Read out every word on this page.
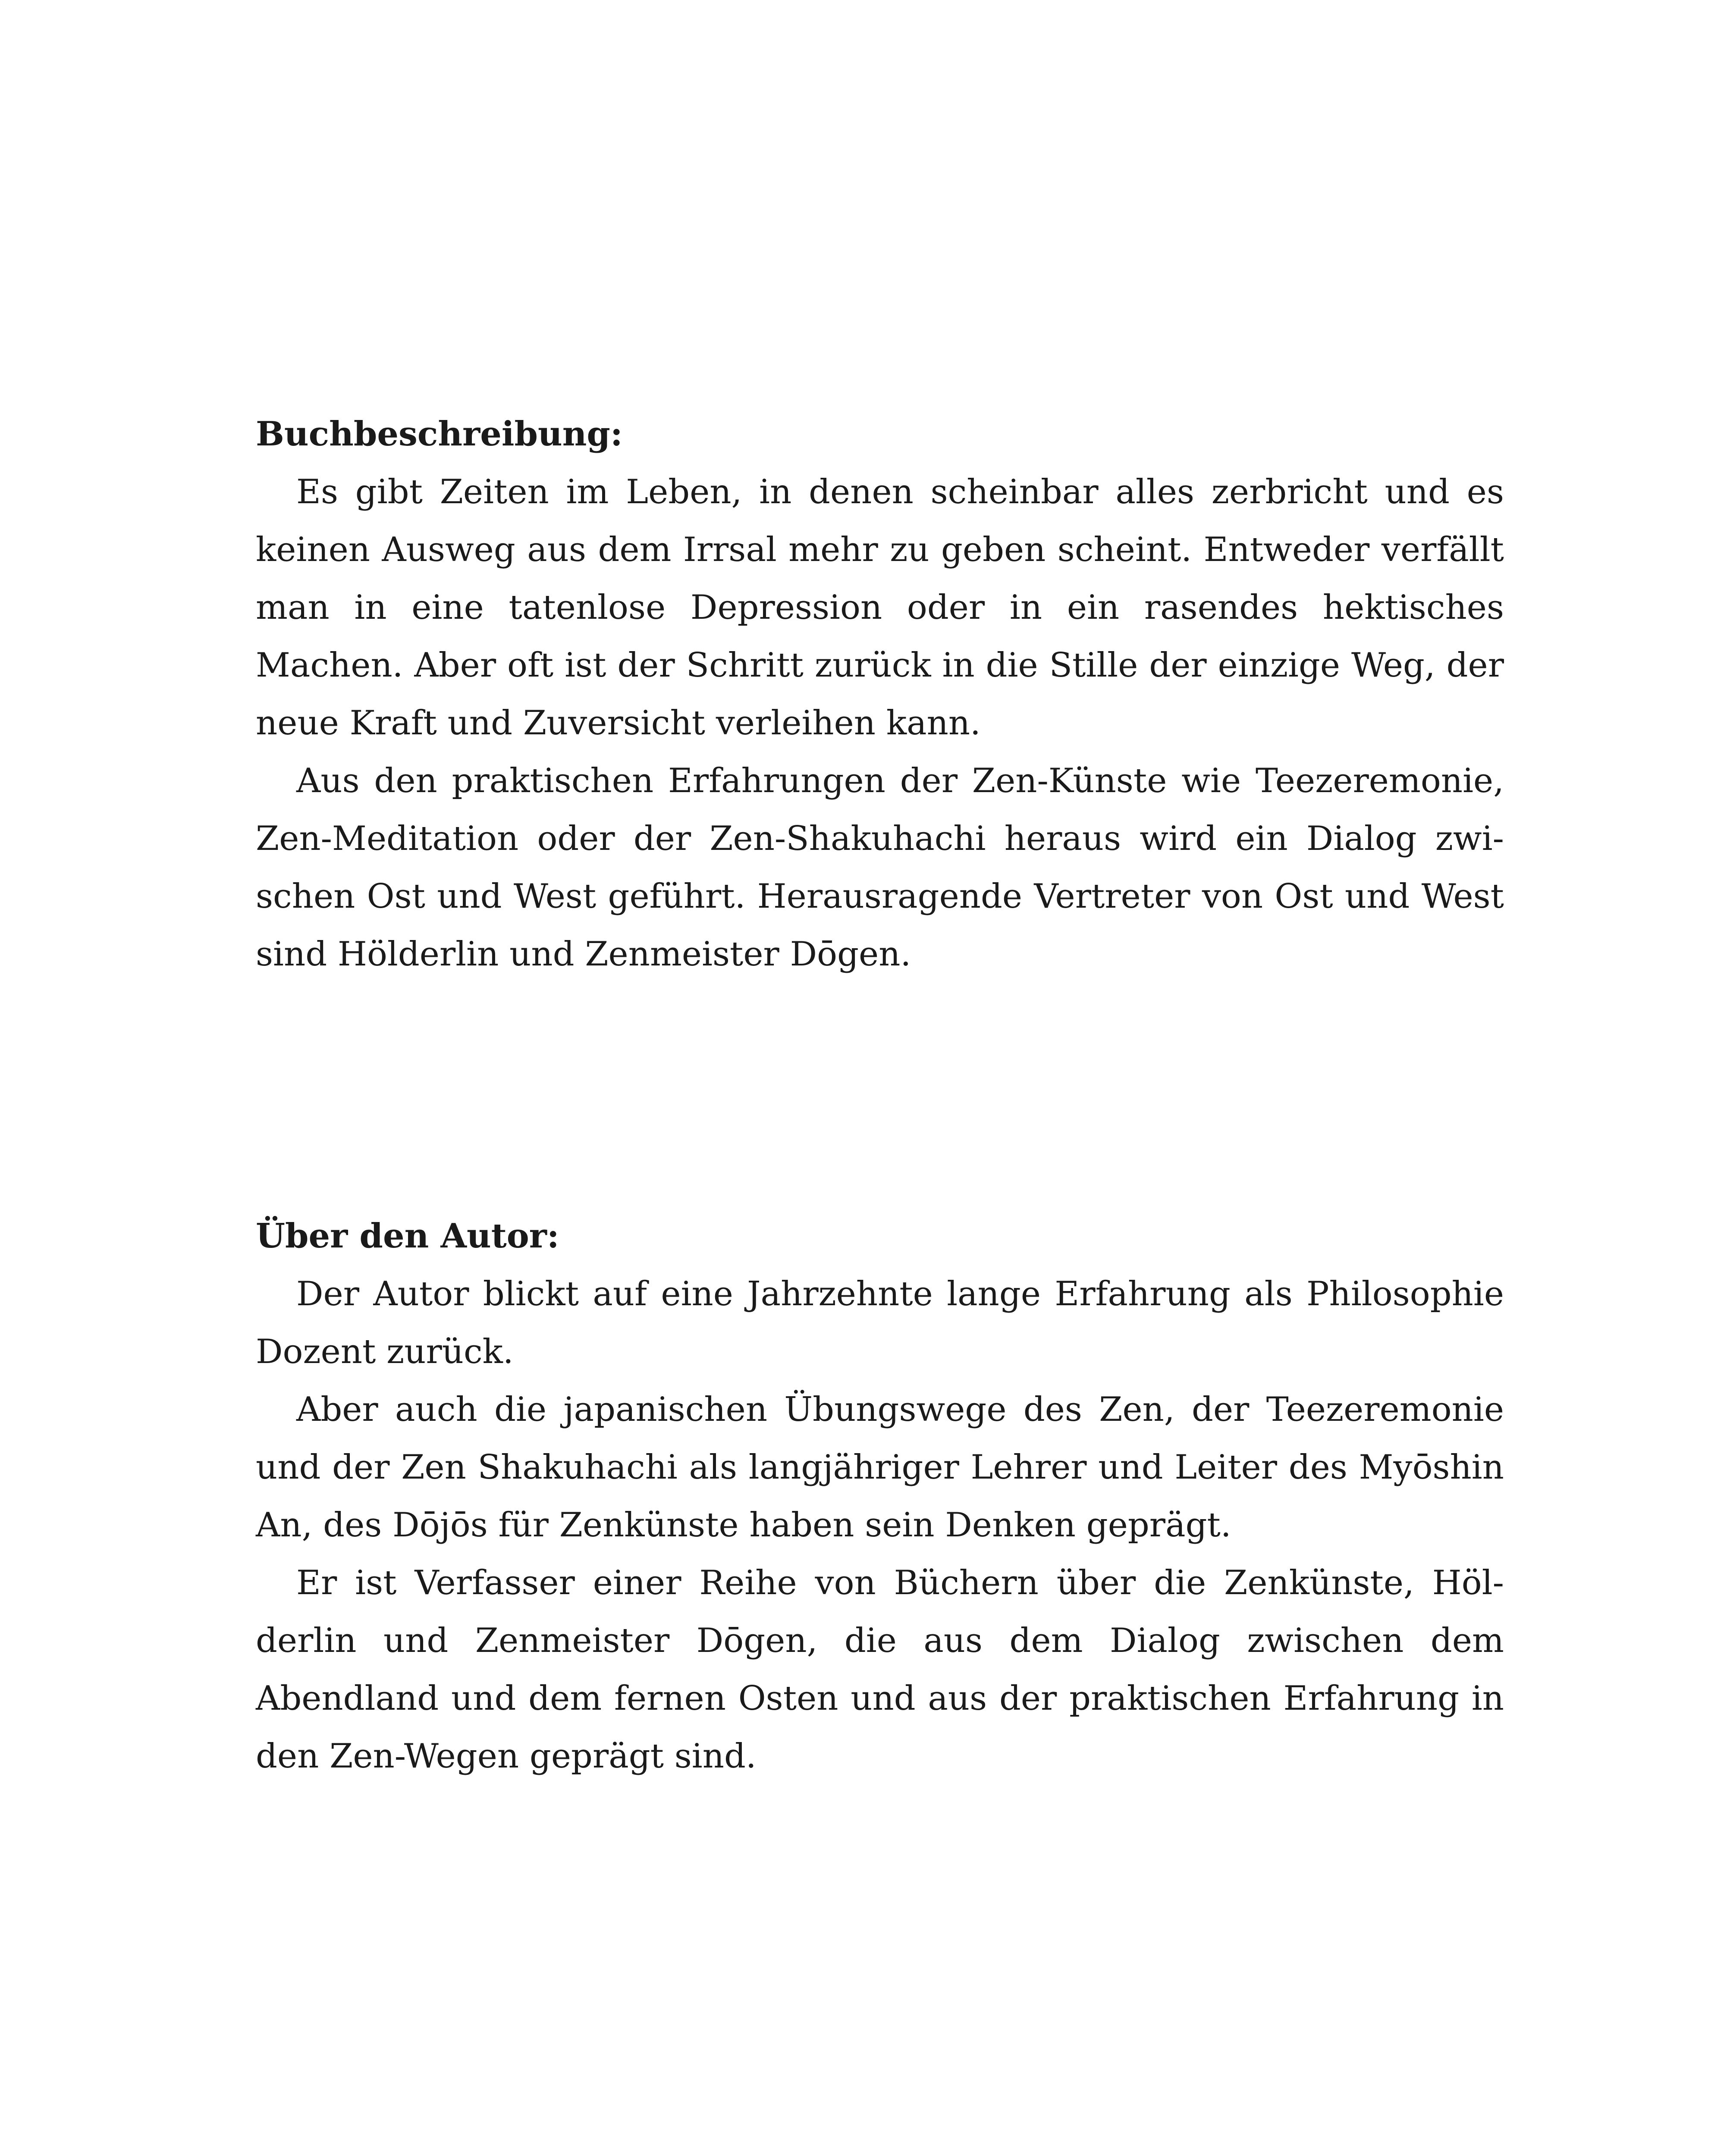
Buchbeschreibung:

Es gibt Zeiten im Leben, in denen scheinbar alles zerbricht und es keinen Ausweg aus dem Irrsal mehr zu geben scheint. Entweder verfällt man in eine tatenlose Depression oder in ein rasendes hektisches Machen. Aber oft ist der Schritt zurück in die Stille der einzige Weg, der neue Kraft und Zuversicht verleihen kann.

Aus den praktischen Erfahrungen der Zen-Künste wie Teezeremonie, Zen-Meditation oder der Zen-Shakuhachi heraus wird ein Dialog zwischen Ost und West geführt. Herausragende Vertreter von Ost und West sind Hölderlin und Zenmeister Dōgen.

Über den Autor:

Der Autor blickt auf eine Jahrzehnte lange Erfahrung als Philosophie Dozent zurück.

Aber auch die japanischen Übungswege des Zen, der Teezeremonie und der Zen Shakuhachi als langjähriger Lehrer und Leiter des Myōshin An, des Dōjōs für Zenkünste haben sein Denken geprägt.

Er ist Verfasser einer Reihe von Büchern über die Zenkünste, Hölderlin und Zenmeister Dōgen, die aus dem Dialog zwischen dem Abendland und dem fernen Osten und aus der praktischen Erfahrung in den Zen-Wegen geprägt sind.
